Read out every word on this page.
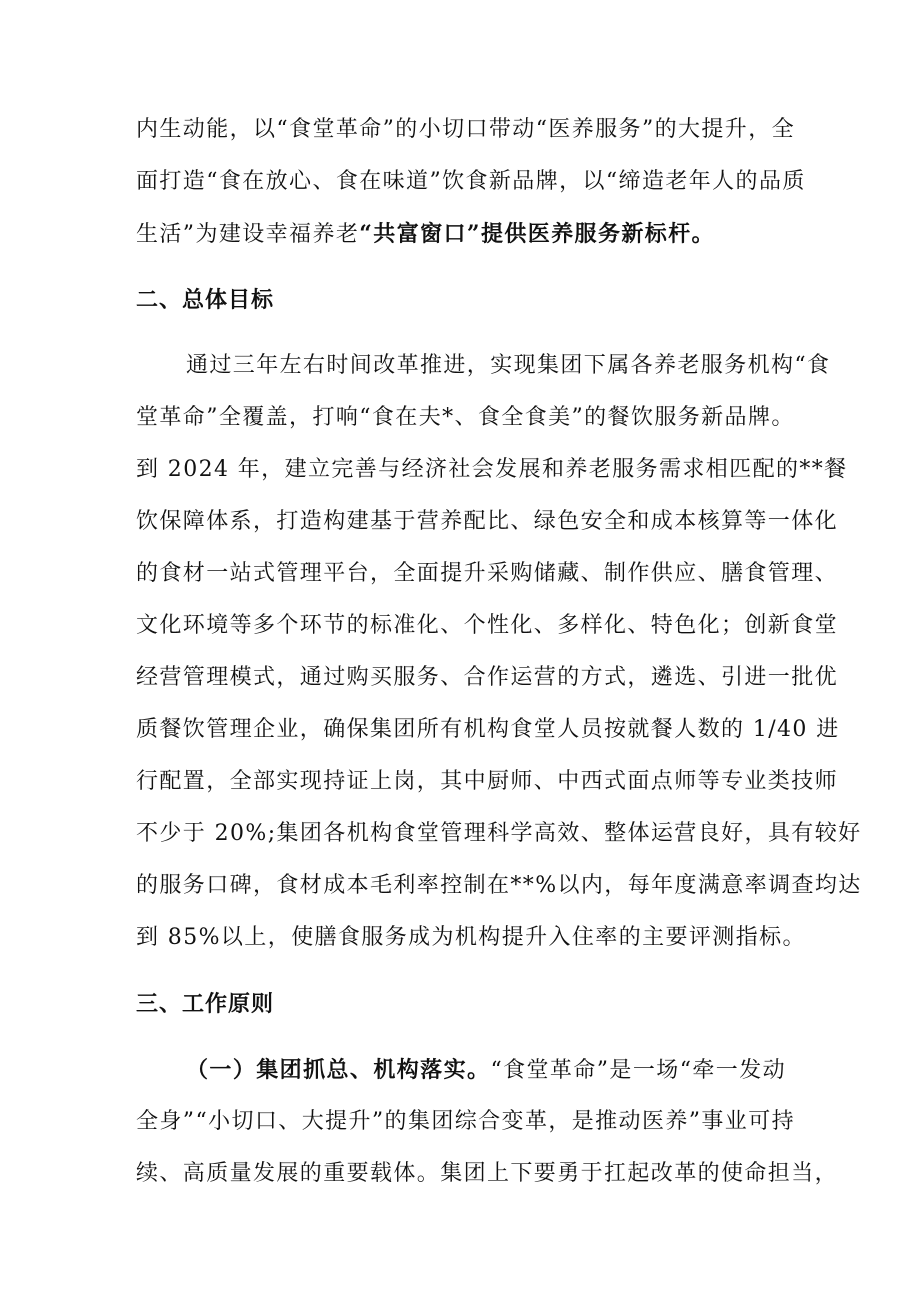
内生动能，以“食堂革命”的小切口带动“医养服务”的大提升，全
面打造“食在放心、食在味道”饮食新品牌，以“缔造老年人的品质
生活”为建设幸福养老“共富窗口”提供医养服务新标杆。
二、总体目标
通过三年左右时间改革推进，实现集团下属各养老服务机构“食
堂革命”全覆盖，打响“食在夫*、食全食美”的餐饮服务新品牌。
到 2024 年，建立完善与经济社会发展和养老服务需求相匹配的**餐
饮保障体系，打造构建基于营养配比、绿色安全和成本核算等一体化
的食材一站式管理平台，全面提升采购储藏、制作供应、膳食管理、
文化环境等多个环节的标准化、个性化、多样化、特色化；创新食堂
经营管理模式，通过购买服务、合作运营的方式，遴选、引进一批优
质餐饮管理企业，确保集团所有机构食堂人员按就餐人数的 1/40 进
行配置，全部实现持证上岗，其中厨师、中西式面点师等专业类技师
不少于 20%;集团各机构食堂管理科学高效、整体运营良好，具有较好
的服务口碑，食材成本毛利率控制在**%以内，每年度满意率调查均达
到 85%以上，使膳食服务成为机构提升入住率的主要评测指标。
三、工作原则
（一）集团抓总、机构落实。“食堂革命”是一场“牵一发动
全身”“小切口、大提升”的集团综合变革，是推动医养”事业可持
续、高质量发展的重要载体。集团上下要勇于扛起改革的使命担当，
